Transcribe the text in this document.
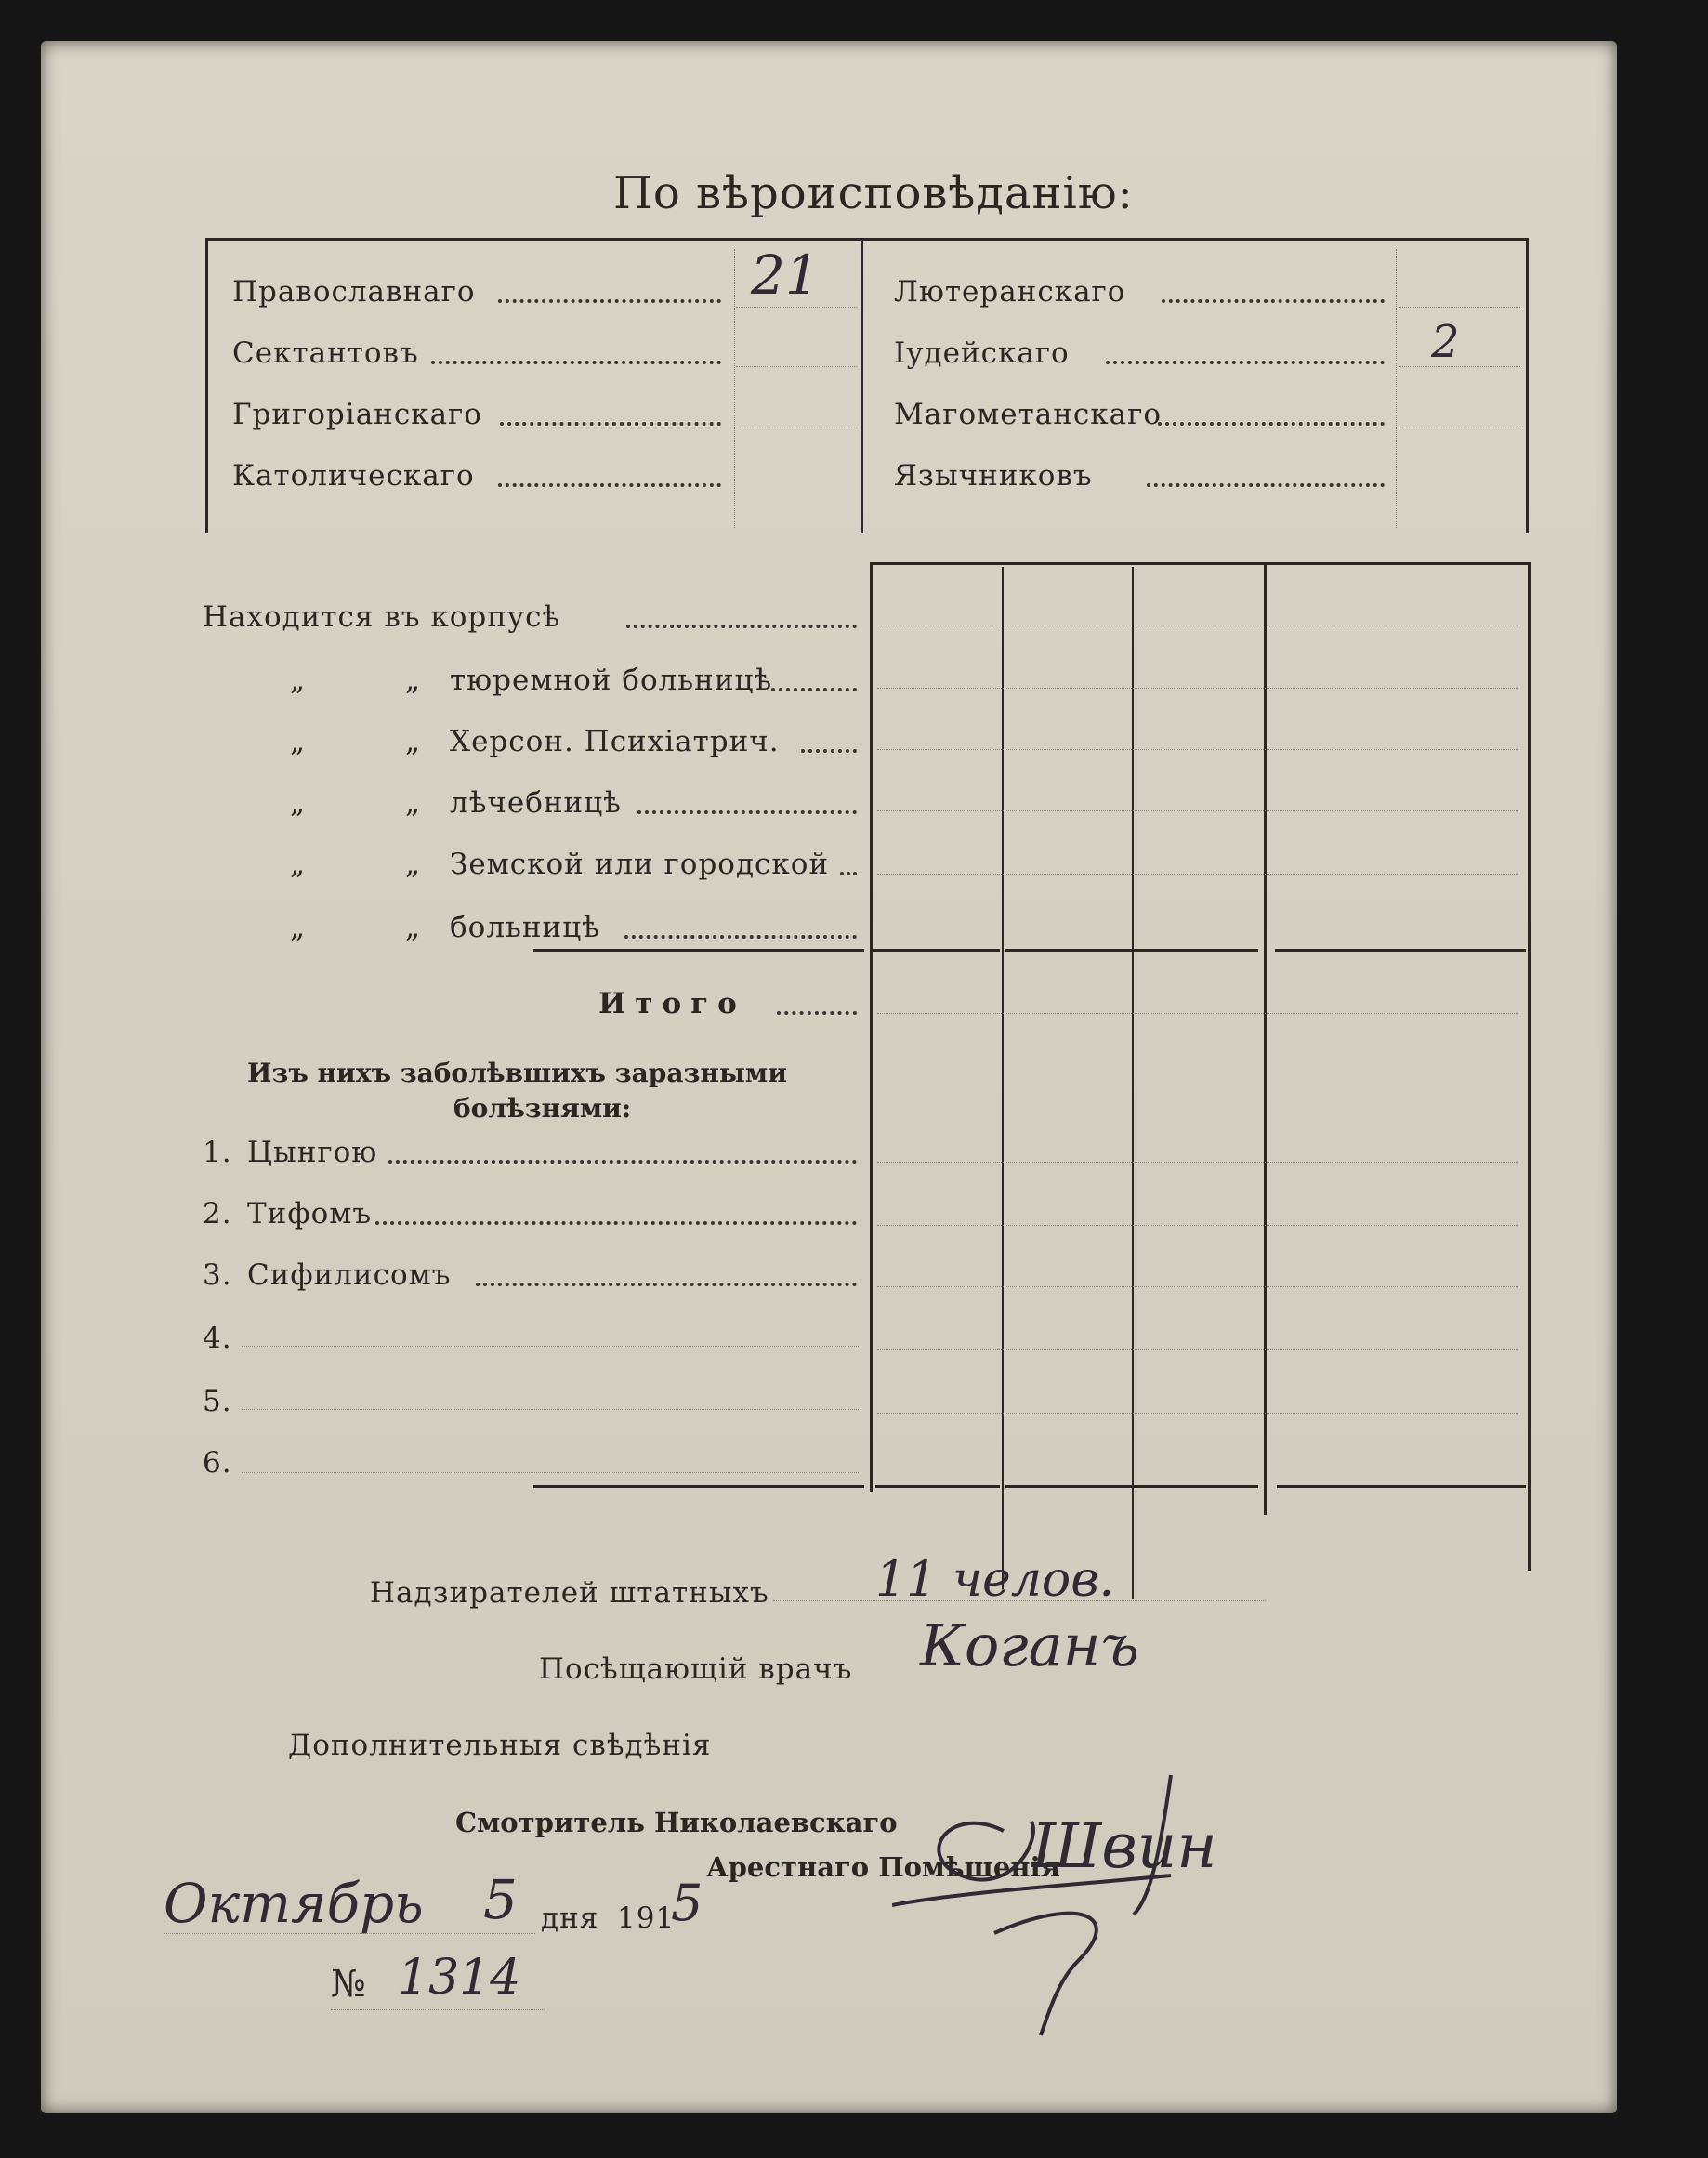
По вѣроисповѣданію:
Православнаго	21
Сектантовъ
Григоріанскаго
Католическаго
Лютеранскаго
Іудейскаго	2
Магометанскаго
Язычниковъ
Находится въ корпусѣ
„	„ тюремной больницѣ
„	„ Херсон. Психіатрич.
„	„ лѣчебницѣ
„	„ Земской или городской
„	„ больницѣ
Итого
Изъ нихъ заболѣвшихъ заразными
болѣзнями:
1. Цынгою
2. Тифомъ
3. Сифилисомъ
4.
5.
6.
Надзирателей штатныхъ 11 челов.
Посѣщающій врачъ Коганъ
Дополнительныя свѣдѣнія
Смотритель Николаевскаго
Арестнаго Помѣщенія
Швин
Октябрь 5 дня 191
5
№ 1314
